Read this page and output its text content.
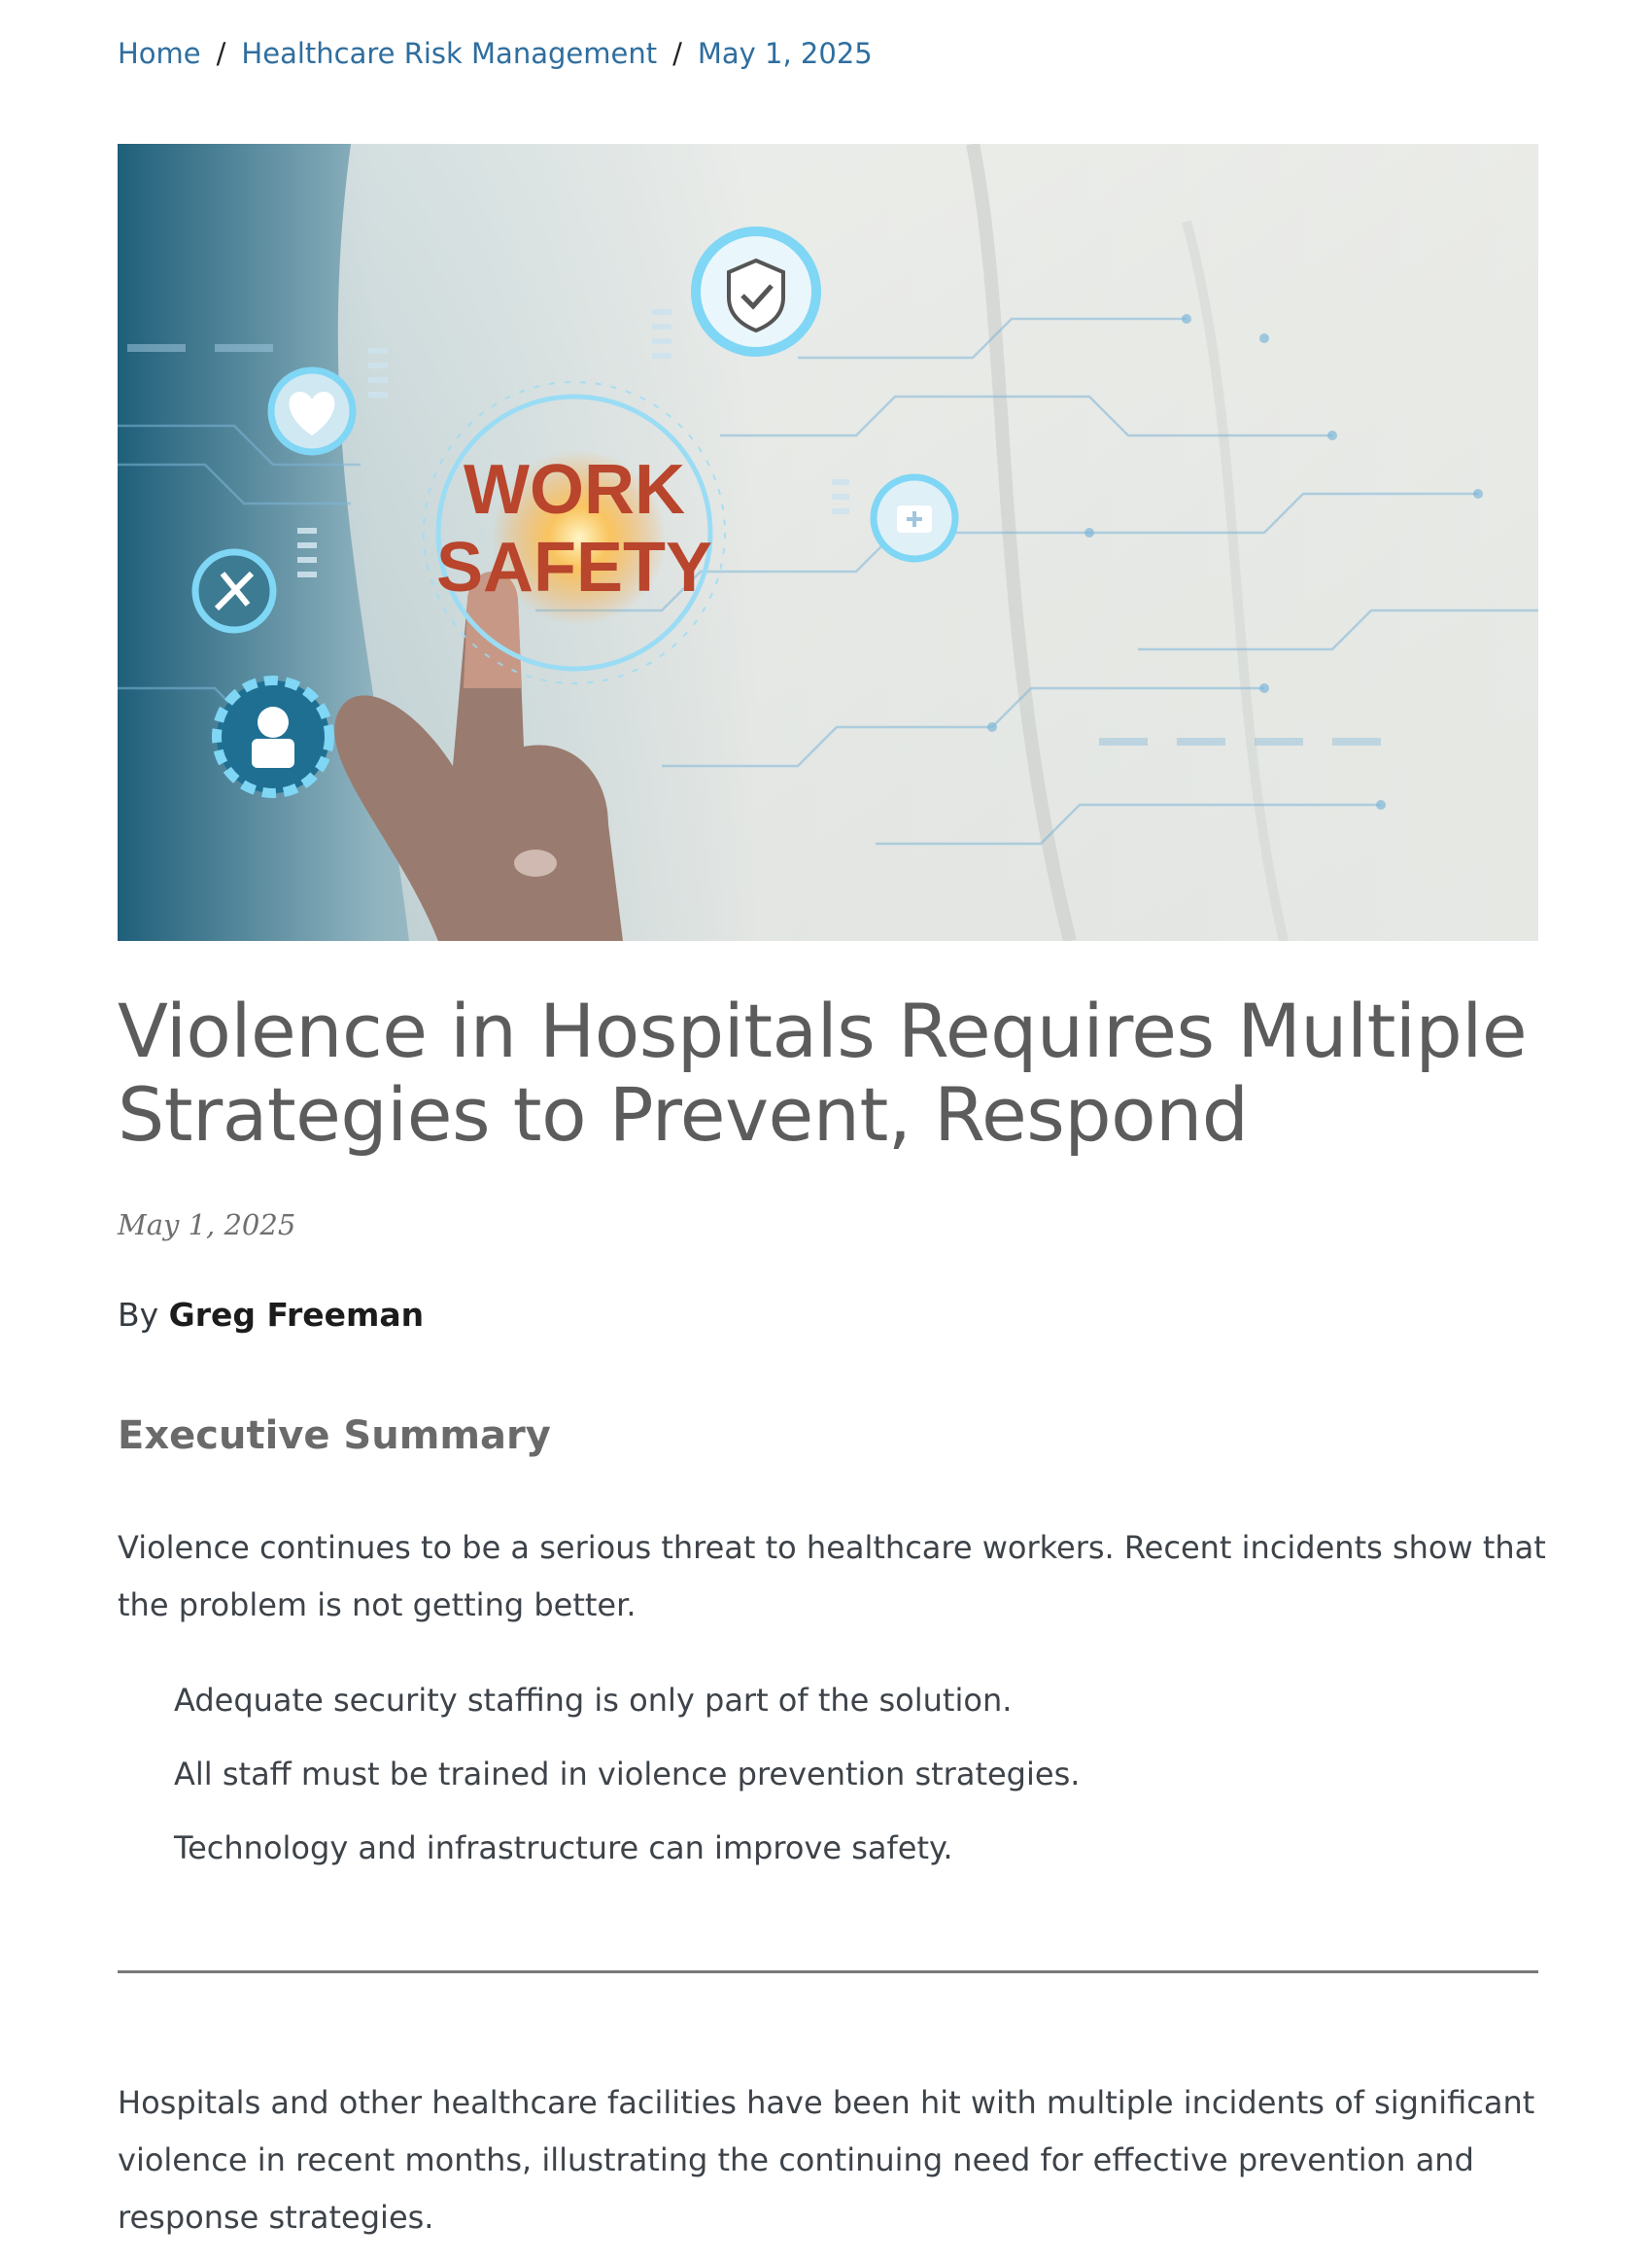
Home / Healthcare Risk Management / May 1, 2025
WORK
SAFETY
Violence in Hospitals Requires Multiple Strategies to Prevent, Respond
May 1, 2025
By Greg Freeman
Executive Summary

Violence continues to be a serious threat to healthcare workers. Recent incidents show that the problem is not getting better.

Adequate security staffing is only part of the solution.
All staff must be trained in violence prevention strategies.
Technology and infrastructure can improve safety.

Hospitals and other healthcare facilities have been hit with multiple incidents of significant violence in recent months, illustrating the continuing need for effective prevention and response strategies.
